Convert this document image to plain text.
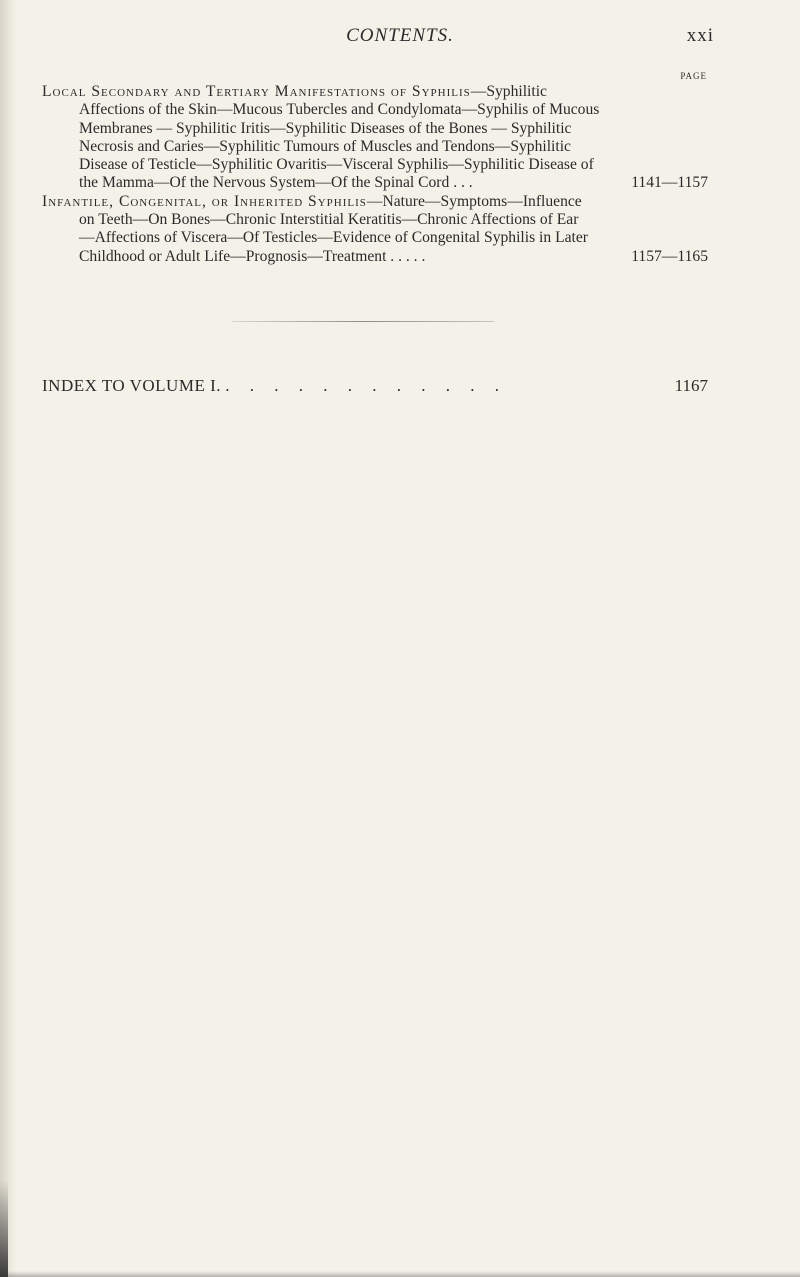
CONTENTS.	xxi
PAGE
Local Secondary and Tertiary Manifestations of Syphilis—Syphilitic
Affections of the Skin—Mucous Tubercles and Condylomata—Syphilis of Mucous
Membranes — Syphilitic Iritis—Syphilitic Diseases of the Bones — Syphilitic
Necrosis and Caries—Syphilitic Tumours of Muscles and Tendons—Syphilitic
Disease of Testicle—Syphilitic Ovaritis—Visceral Syphilis—Syphilitic Disease of
the Mamma—Of the Nervous System—Of the Spinal Cord . . .	1141—1157
Infantile, Congenital, or Inherited Syphilis—Nature—Symptoms—Influence
on Teeth—On Bones—Chronic Interstitial Keratitis—Chronic Affections of Ear
—Affections of Viscera—Of Testicles—Evidence of Congenital Syphilis in Later
Childhood or Adult Life—Prognosis—Treatment . . . . .	1157—1165
INDEX TO VOLUME I. . . . . . . . . . . . .	1167
